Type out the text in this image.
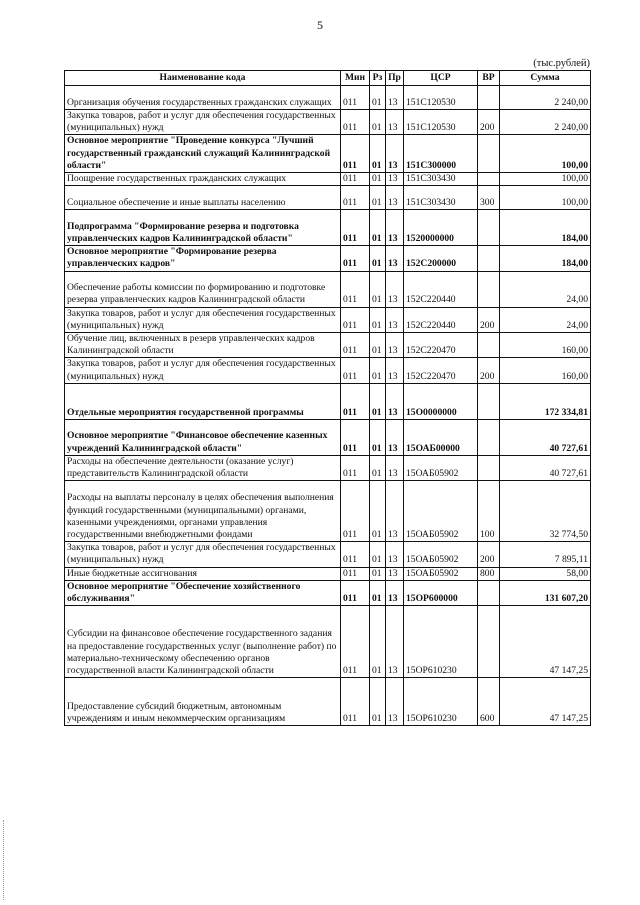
5
(тыс.рублей)
Наименование кода	Мин	Рз	Пр	ЦСР	ВР	Сумма
Организация обучения государственных гражданских служащих	011	01	13	151С120530		2 240,00
Закупка товаров, работ и услуг для обеспечения государственных (муниципальных) нужд	011	01	13	151С120530	200	2 240,00
Основное мероприятие "Проведение конкурса "Лучший государственный гражданский служащий Калининградской области"	011	01	13	151С300000		100,00
Поощрение государственных гражданских служащих	011	01	13	151С303430		100,00
Социальное обеспечение и иные выплаты населению	011	01	13	151С303430	300	100,00
Подпрограмма "Формирование резерва и подготовка управленческих кадров Калининградской области"	011	01	13	1520000000		184,00
Основное мероприятие "Формирование резерва управленческих кадров"	011	01	13	152С200000		184,00
Обеспечение работы комиссии по формированию и подготовке резерва управленческих кадров Калининградской области	011	01	13	152С220440		24,00
Закупка товаров, работ и услуг для обеспечения государственных (муниципальных) нужд	011	01	13	152С220440	200	24,00
Обучение лиц, включенных в резерв управленческих кадров Калининградской области	011	01	13	152С220470		160,00
Закупка товаров, работ и услуг для обеспечения государственных (муниципальных) нужд	011	01	13	152С220470	200	160,00
Отдельные мероприятия государственной программы	011	01	13	15О0000000		172 334,81
Основное мероприятие "Финансовое обеспечение казенных учреждений Калининградской области"	011	01	13	15ОАБ00000		40 727,61
Расходы на обеспечение деятельности (оказание услуг) представительств Калининградской области	011	01	13	15ОАБ05902		40 727,61
Расходы на выплаты персоналу в целях обеспечения выполнения функций государственными (муниципальными) органами, казенными учреждениями, органами управления государственными внебюджетными фондами	011	01	13	15ОАБ05902	100	32 774,50
Закупка товаров, работ и услуг для обеспечения государственных (муниципальных) нужд	011	01	13	15ОАБ05902	200	7 895,11
Иные бюджетные ассигнования	011	01	13	15ОАБ05902	800	58,00
Основное мероприятие "Обеспечение хозяйственного обслуживания"	011	01	13	15ОР600000		131 607,20
Субсидии на финансовое обеспечение государственного задания на предоставление государственных услуг (выполнение работ) по материально-техническому обеспечению органов государственной власти Калининградской области	011	01	13	15ОР610230		47 147,25
Предоставление субсидий бюджетным, автономным учреждениям и иным некоммерческим организациям	011	01	13	15ОР610230	600	47 147,25
